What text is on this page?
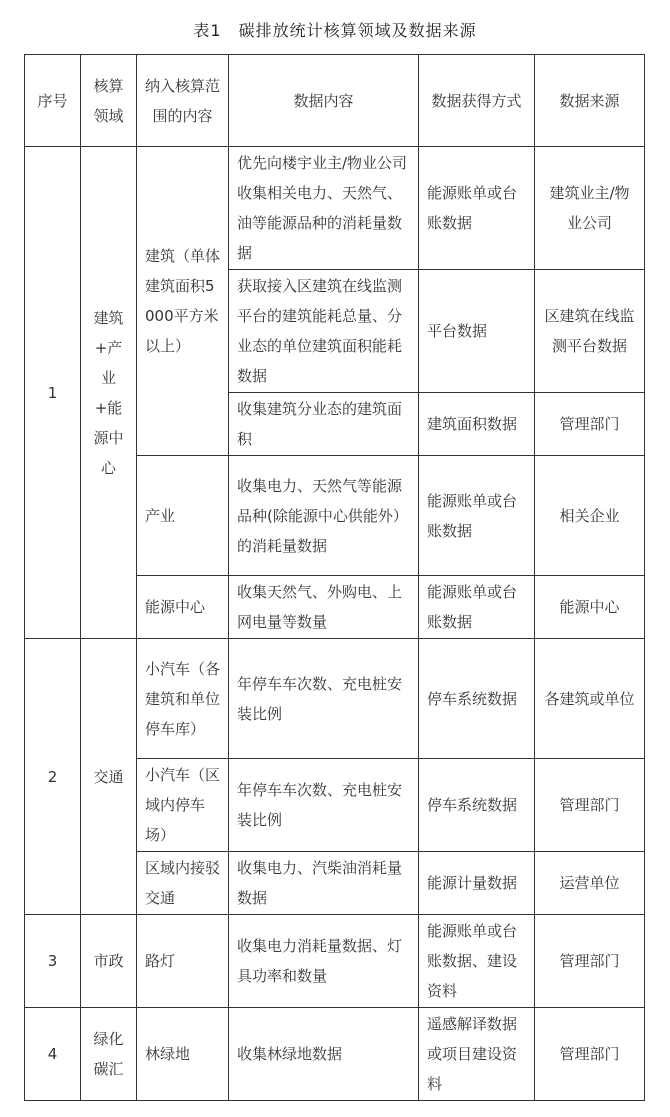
表1　碳排放统计核算领域及数据来源
序号	核算领域	纳入核算范围的内容	数据内容	数据获得方式	数据来源
1	建筑+产业+能源中心	建筑（单体建筑面积5000平方米以上）	优先向楼宇业主/物业公司收集相关电力、天然气、油等能源品种的消耗量数据	能源账单或台账数据	建筑业主/物业公司
			获取接入区建筑在线监测平台的建筑能耗总量、分业态的单位建筑面积能耗数据	平台数据	区建筑在线监测平台数据
			收集建筑分业态的建筑面积	建筑面积数据	管理部门
		产业	收集电力、天然气等能源品种(除能源中心供能外）的消耗量数据	能源账单或台账数据	相关企业
		能源中心	收集天然气、外购电、上网电量等数量	能源账单或台账数据	能源中心
2	交通	小汽车（各建筑和单位停车库）	年停车车次数、充电桩安装比例	停车系统数据	各建筑或单位
		小汽车（区域内停车场）	年停车车次数、充电桩安装比例	停车系统数据	管理部门
		区域内接驳交通	收集电力、汽柴油消耗量数据	能源计量数据	运营单位
3	市政	路灯	收集电力消耗量数据、灯具功率和数量	能源账单或台账数据、建设资料	管理部门
4	绿化碳汇	林绿地	收集林绿地数据	遥感解译数据或项目建设资料	管理部门
